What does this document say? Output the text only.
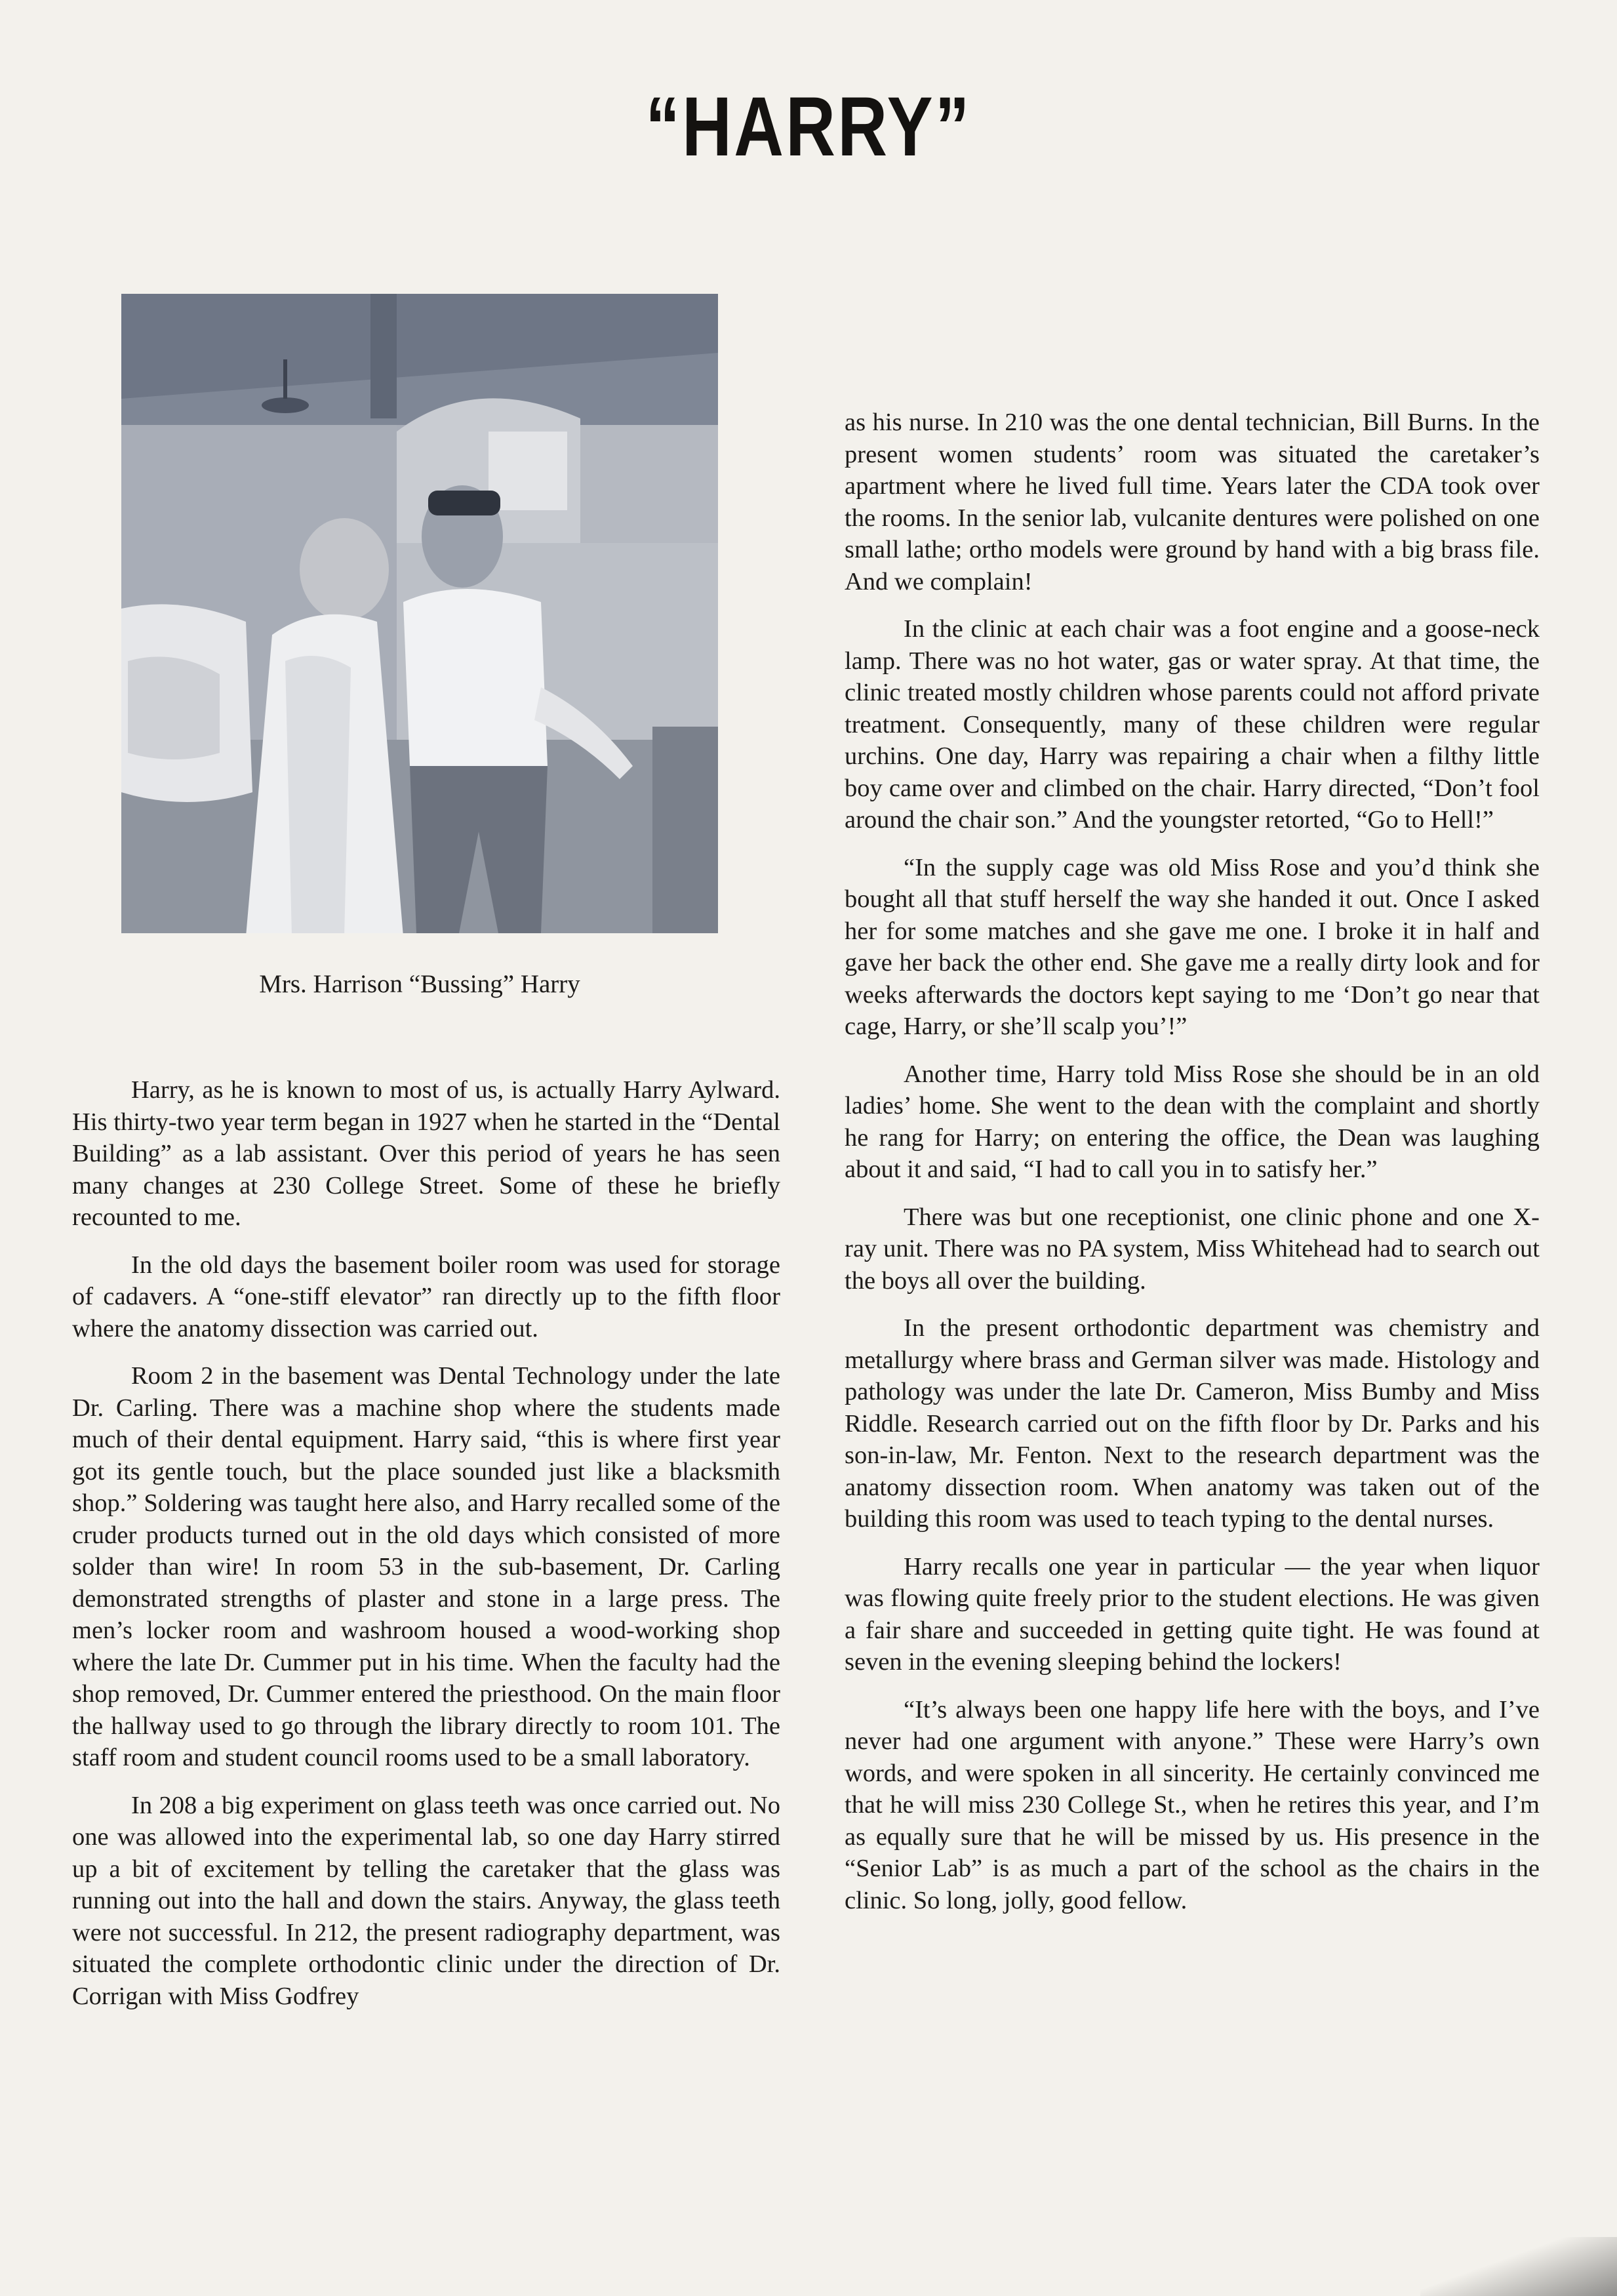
“HARRY”
Mrs. Harrison “Bussing” Harry

Harry, as he is known to most of us, is actually Harry Aylward. His thirty-two year term began in 1927 when he started in the “Dental Building” as a lab assistant. Over this period of years he has seen many changes at 230 College Street. Some of these he briefly recounted to me.

In the old days the basement boiler room was used for storage of cadavers. A “one-stiff elevator” ran directly up to the fifth floor where the anatomy dissection was carried out.

Room 2 in the basement was Dental Technology under the late Dr. Carling. There was a machine shop where the students made much of their dental equipment. Harry said, “this is where first year got its gentle touch, but the place sounded just like a blacksmith shop.” Soldering was taught here also, and Harry recalled some of the cruder products turned out in the old days which consisted of more solder than wire! In room 53 in the sub-basement, Dr. Carling demonstrated strengths of plaster and stone in a large press. The men’s locker room and washroom housed a wood-working shop where the late Dr. Cummer put in his time. When the faculty had the shop removed, Dr. Cummer entered the priesthood. On the main floor the hallway used to go through the library directly to room 101. The staff room and student council rooms used to be a small laboratory.

In 208 a big experiment on glass teeth was once carried out. No one was allowed into the experimental lab, so one day Harry stirred up a bit of excitement by telling the caretaker that the glass was running out into the hall and down the stairs. Anyway, the glass teeth were not successful. In 212, the present radiography department, was situated the complete orthodontic clinic under the direction of Dr. Corrigan with Miss Godfrey

as his nurse. In 210 was the one dental technician, Bill Burns. In the present women students’ room was situated the caretaker’s apartment where he lived full time. Years later the CDA took over the rooms. In the senior lab, vulcanite dentures were polished on one small lathe; ortho models were ground by hand with a big brass file. And we complain!

In the clinic at each chair was a foot engine and a goose-neck lamp. There was no hot water, gas or water spray. At that time, the clinic treated mostly children whose parents could not afford private treatment. Consequently, many of these children were regular urchins. One day, Harry was repairing a chair when a filthy little boy came over and climbed on the chair. Harry directed, “Don’t fool around the chair son.” And the youngster retorted, “Go to Hell!”

“In the supply cage was old Miss Rose and you’d think she bought all that stuff herself the way she handed it out. Once I asked her for some matches and she gave me one. I broke it in half and gave her back the other end. She gave me a really dirty look and for weeks afterwards the doctors kept saying to me ‘Don’t go near that cage, Harry, or she’ll scalp you’!”

Another time, Harry told Miss Rose she should be in an old ladies’ home. She went to the dean with the complaint and shortly he rang for Harry; on entering the office, the Dean was laughing about it and said, “I had to call you in to satisfy her.”

There was but one receptionist, one clinic phone and one X-ray unit. There was no PA system, Miss Whitehead had to search out the boys all over the building.

In the present orthodontic department was chemistry and metallurgy where brass and German silver was made. Histology and pathology was under the late Dr. Cameron, Miss Bumby and Miss Riddle. Research carried out on the fifth floor by Dr. Parks and his son-in-law, Mr. Fenton. Next to the research department was the anatomy dissection room. When anatomy was taken out of the building this room was used to teach typing to the dental nurses.

Harry recalls one year in particular — the year when liquor was flowing quite freely prior to the student elections. He was given a fair share and succeeded in getting quite tight. He was found at seven in the evening sleeping behind the lockers!

“It’s always been one happy life here with the boys, and I’ve never had one argument with anyone.” These were Harry’s own words, and were spoken in all sincerity. He certainly convinced me that he will miss 230 College St., when he retires this year, and I’m as equally sure that he will be missed by us. His presence in the “Senior Lab” is as much a part of the school as the chairs in the clinic. So long, jolly, good fellow.
